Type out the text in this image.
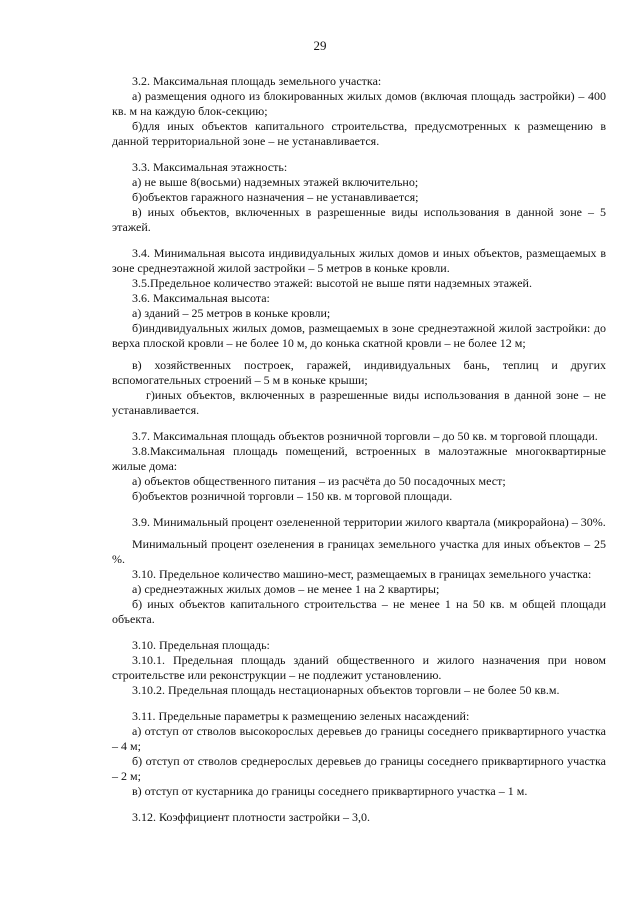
29

3.2. Максимальная площадь земельного участка:

а) размещения одного из блокированных жилых домов (включая площадь застройки) – 400 кв. м на каждую блок-секцию;

б)для иных объектов капитального строительства, предусмотренных к размещению в данной территориальной зоне – не устанавливается.

3.3. Максимальная этажность:

а) не выше 8(восьми) надземных этажей включительно;

б)объектов гаражного назначения – не устанавливается;

в) иных объектов, включенных в разрешенные виды использования в данной зоне – 5 этажей.

3.4. Минимальная высота индивидуальных жилых домов и иных объектов, размещаемых в зоне среднеэтажной жилой застройки – 5 метров в коньке кровли.

3.5.Предельное количество этажей: высотой не выше пяти надземных этажей.

3.6. Максимальная высота:

а) зданий – 25 метров в коньке кровли;

б)индивидуальных жилых домов, размещаемых в зоне среднеэтажной жилой застройки: до верха плоской кровли – не более 10 м, до конька скатной кровли – не более 12 м;

в) хозяйственных построек, гаражей, индивидуальных бань, теплиц и других вспомогательных строений – 5 м в коньке крыши;

г)иных объектов, включенных в разрешенные виды использования в данной зоне – не устанавливается.

3.7. Максимальная площадь объектов розничной торговли – до 50 кв. м торговой площади.

3.8.Максимальная площадь помещений, встроенных в малоэтажные многоквартирные жилые дома:

а) объектов общественного питания – из расчёта до 50 посадочных мест;

б)объектов розничной торговли – 150 кв. м торговой площади.

3.9. Минимальный процент озелененной территории жилого квартала (микрорайона) – 30%.

Минимальный процент озеленения в границах земельного участка для иных объектов – 25 %.

3.10. Предельное количество машино-мест, размещаемых в границах земельного участка:

а) среднеэтажных жилых домов – не менее 1 на 2 квартиры;

б) иных объектов капитального строительства – не менее 1 на 50 кв. м общей площади объекта.

3.10. Предельная площадь:

3.10.1. Предельная площадь зданий общественного и жилого назначения при новом строительстве или реконструкции – не подлежит установлению.

3.10.2. Предельная площадь нестационарных объектов торговли – не более 50 кв.м.

3.11. Предельные параметры к размещению зеленых насаждений:

а) отступ от стволов высокорослых деревьев до границы соседнего приквартирного участка – 4 м;

б) отступ от стволов среднерослых деревьев до границы соседнего приквартирного участка – 2 м;

в) отступ от кустарника до границы соседнего приквартирного участка – 1 м.

3.12. Коэффициент плотности застройки – 3,0.
